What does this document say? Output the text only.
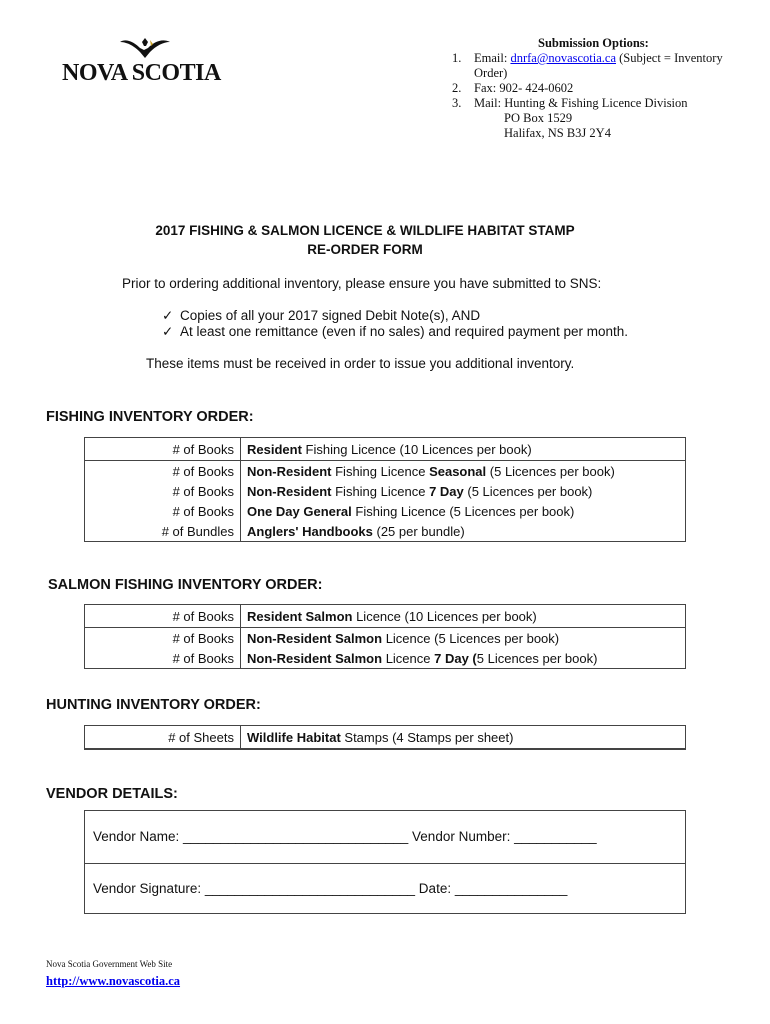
NOVA SCOTIA
Submission Options:
1.	Email: dnrfa@novascotia.ca (Subject = Inventory
Order)
2.	Fax: 902- 424-0602
3.	Mail: Hunting & Fishing Licence Division
PO Box 1529
Halifax, NS B3J 2Y4
2017 FISHING & SALMON LICENCE & WILDLIFE HABITAT STAMP
RE-ORDER FORM
Prior to ordering additional inventory, please ensure you have submitted to SNS:
✓ Copies of all your 2017 signed Debit Note(s), AND
✓ At least one remittance (even if no sales) and required payment per month.
These items must be received in order to issue you additional inventory.
FISHING INVENTORY ORDER:
# of Books	Resident Fishing Licence (10 Licences per book)
# of Books	Non-Resident Fishing Licence Seasonal (5 Licences per book)
# of Books	Non-Resident Fishing Licence 7 Day (5 Licences per book)
# of Books	One Day General Fishing Licence (5 Licences per book)
# of Bundles	Anglers' Handbooks (25 per bundle)
SALMON FISHING INVENTORY ORDER:
# of Books	Resident Salmon Licence (10 Licences per book)
# of Books	Non-Resident Salmon Licence (5 Licences per book)
# of Books	Non-Resident Salmon Licence 7 Day (5 Licences per book)
HUNTING INVENTORY ORDER:
# of Sheets	Wildlife Habitat Stamps (4 Stamps per sheet)
VENDOR DETAILS:
Vendor Name: ______________________________ Vendor Number: ___________
Vendor Signature: ____________________________ Date: _______________
Nova Scotia Government Web Site
http://www.novascotia.ca
